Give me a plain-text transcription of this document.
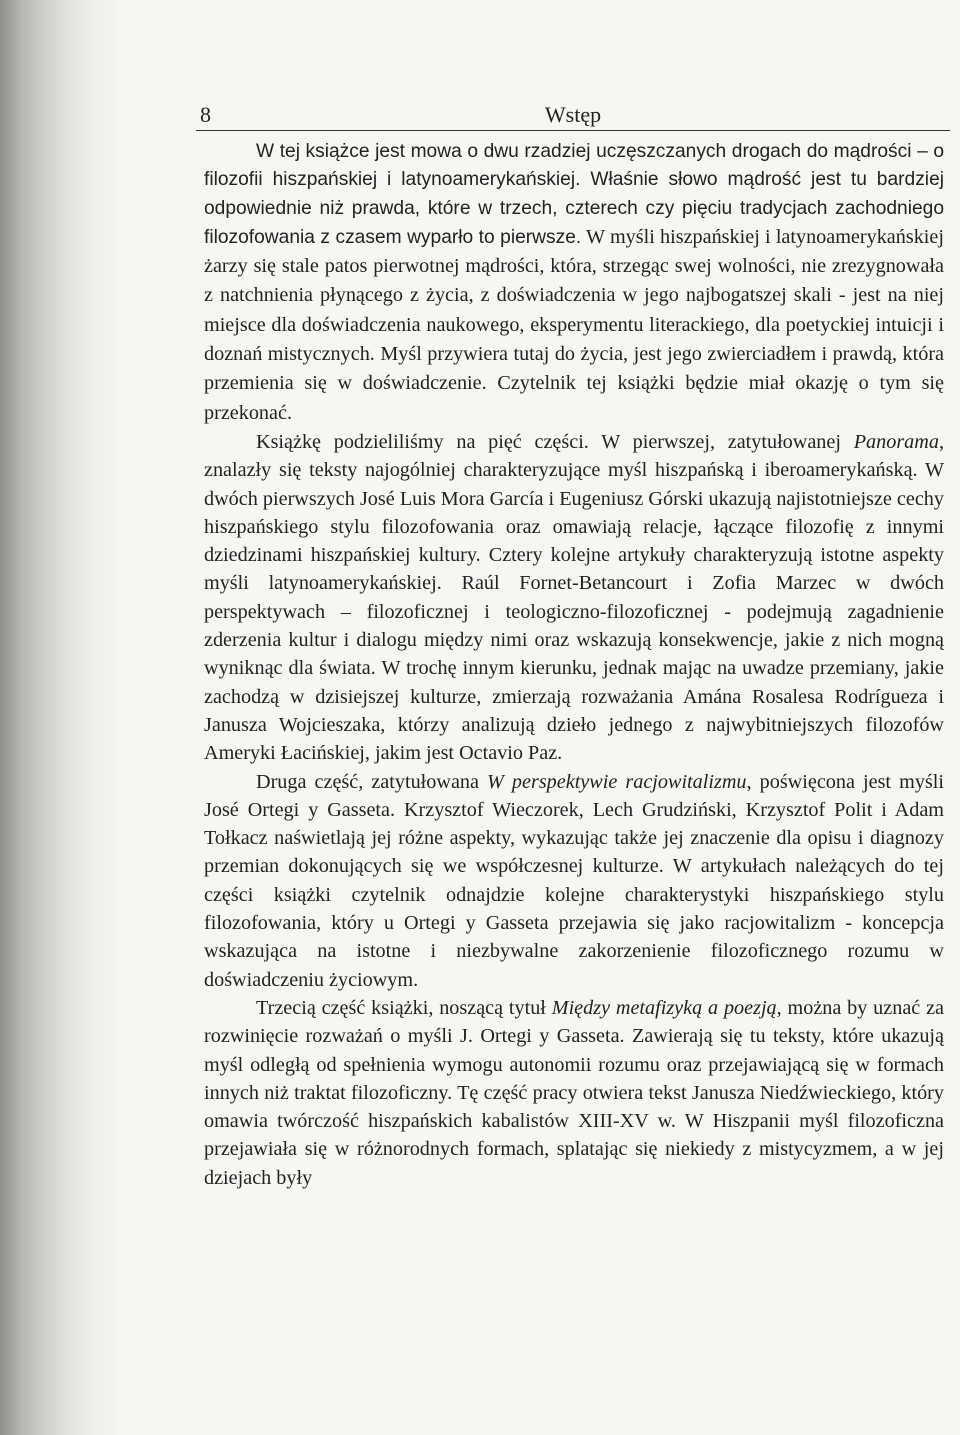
8	Wstęp

W tej książce jest mowa o dwu rzadziej uczęszczanych drogach do mądrości – o filozofii hiszpańskiej i latynoamerykańskiej. Właśnie słowo mądrość jest tu bardziej odpowiednie niż prawda, które w trzech, czterech czy pięciu tradycjach zachodniego filozofowania z czasem wyparło to pierwsze. W myśli hiszpańskiej i latynoamerykańskiej żarzy się stale patos pierwotnej mądrości, która, strzegąc swej wolności, nie zrezygnowała z natchnienia płynącego z życia, z doświadczenia w jego najbogatszej skali - jest na niej miejsce dla doświadczenia naukowego, eksperymentu literackiego, dla poetyckiej intuicji i doznań mistycznych. Myśl przywiera tutaj do życia, jest jego zwierciadłem i prawdą, która przemienia się w doświadczenie. Czytelnik tej książki będzie miał okazję o tym się przekonać.

Książkę podzieliliśmy na pięć części. W pierwszej, zatytułowanej Panorama, znalazły się teksty najogólniej charakteryzujące myśl hiszpańską i iberoamerykańską. W dwóch pierwszych José Luis Mora García i Eugeniusz Górski ukazują najistotniejsze cechy hiszpańskiego stylu filozofowania oraz omawiają relacje, łączące filozofię z innymi dziedzinami hiszpańskiej kultury. Cztery kolejne artykuły charakteryzują istotne aspekty myśli latynoamerykańskiej. Raúl Fornet-Betancourt i Zofia Marzec w dwóch perspektywach – filozoficznej i teologiczno-filozoficznej - podejmują zagadnienie zderzenia kultur i dialogu między nimi oraz wskazują konsekwencje, jakie z nich mogną wyniknąc dla świata. W trochę innym kierunku, jednak mając na uwadze przemiany, jakie zachodzą w dzisiejszej kulturze, zmierzają rozważania Amána Rosalesa Rodrígueza i Janusza Wojcieszaka, którzy analizują dzieło jednego z najwybitniejszych filozofów Ameryki Łacińskiej, jakim jest Octavio Paz.

Druga część, zatytułowana W perspektywie racjowitalizmu, poświęcona jest myśli José Ortegi y Gasseta. Krzysztof Wieczorek, Lech Grudziński, Krzysztof Polit i Adam Tołkacz naświetlają jej różne aspekty, wykazując także jej znaczenie dla opisu i diagnozy przemian dokonujących się we współczesnej kulturze. W artykułach należących do tej części książki czytelnik odnajdzie kolejne charakterystyki hiszpańskiego stylu filozofowania, który u Ortegi y Gasseta przejawia się jako racjowitalizm - koncepcja wskazująca na istotne i niezbywalne zakorzenienie filozoficznego rozumu w doświadczeniu życiowym.

Trzecią część książki, noszącą tytuł Między metafizyką a poezją, można by uznać za rozwinięcie rozważań o myśli J. Ortegi y Gasseta. Zawierają się tu teksty, które ukazują myśl odległą od spełnienia wymogu autonomii rozumu oraz przejawiającą się w formach innych niż traktat filozoficzny. Tę część pracy otwiera tekst Janusza Niedźwieckiego, który omawia twórczość hiszpańskich kabalistów XIII-XV w. W Hiszpanii myśl filozoficzna przejawiała się w różnorodnych formach, splatając się niekiedy z mistycyzmem, a w jej dziejach były
